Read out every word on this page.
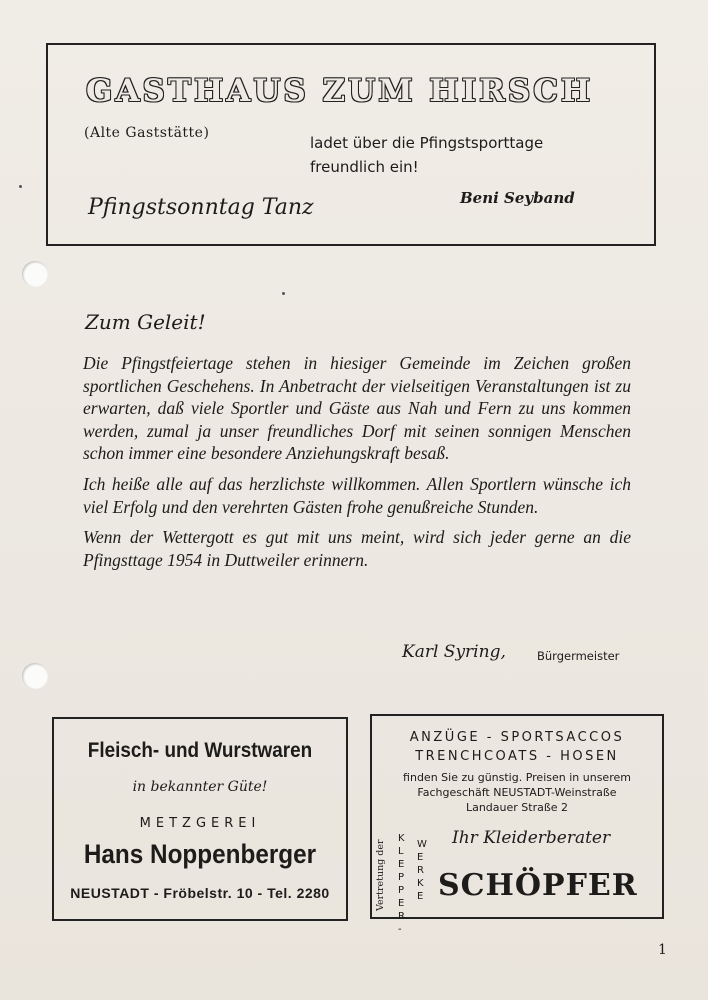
GASTHAUS ZUM HIRSCH
(Alte Gaststätte)
ladet über die Pfingstsporttage
freundlich ein!
Pfingstsonntag Tanz	Beni Seyband
Zum Geleit!

Die Pfingstfeiertage stehen in hiesiger Gemeinde im Zeichen großen sportlichen Geschehens. In Anbetracht der vielseitigen Veranstaltungen ist zu erwarten, daß viele Sportler und Gäste aus Nah und Fern zu uns kommen werden, zumal ja unser freundliches Dorf mit seinen sonnigen Menschen schon immer eine besondere Anziehungskraft besaß.

Ich heiße alle auf das herzlichste willkommen. Allen Sportlern wünsche ich viel Erfolg und den verehrten Gästen frohe genußreiche Stunden.

Wenn der Wettergott es gut mit uns meint, wird sich jeder gerne an die Pfingsttage 1954 in Duttweiler erinnern.

Karl Syring,	Bürgermeister
Fleisch- und Wurstwaren
in bekannter Güte!
METZGEREI
Hans Noppenberger
NEUSTADT - Fröbelstr. 10 - Tel. 2280
ANZÜGE - SPORTSACCOS
TRENCHCOATS - HOSEN
finden Sie zu günstig. Preisen in unserem
Fachgeschäft NEUSTADT-Weinstraße
Landauer Straße 2
Vertretung der
KLEPPER-
WERKE
Ihr Kleiderberater
SCHÖPFER
1
